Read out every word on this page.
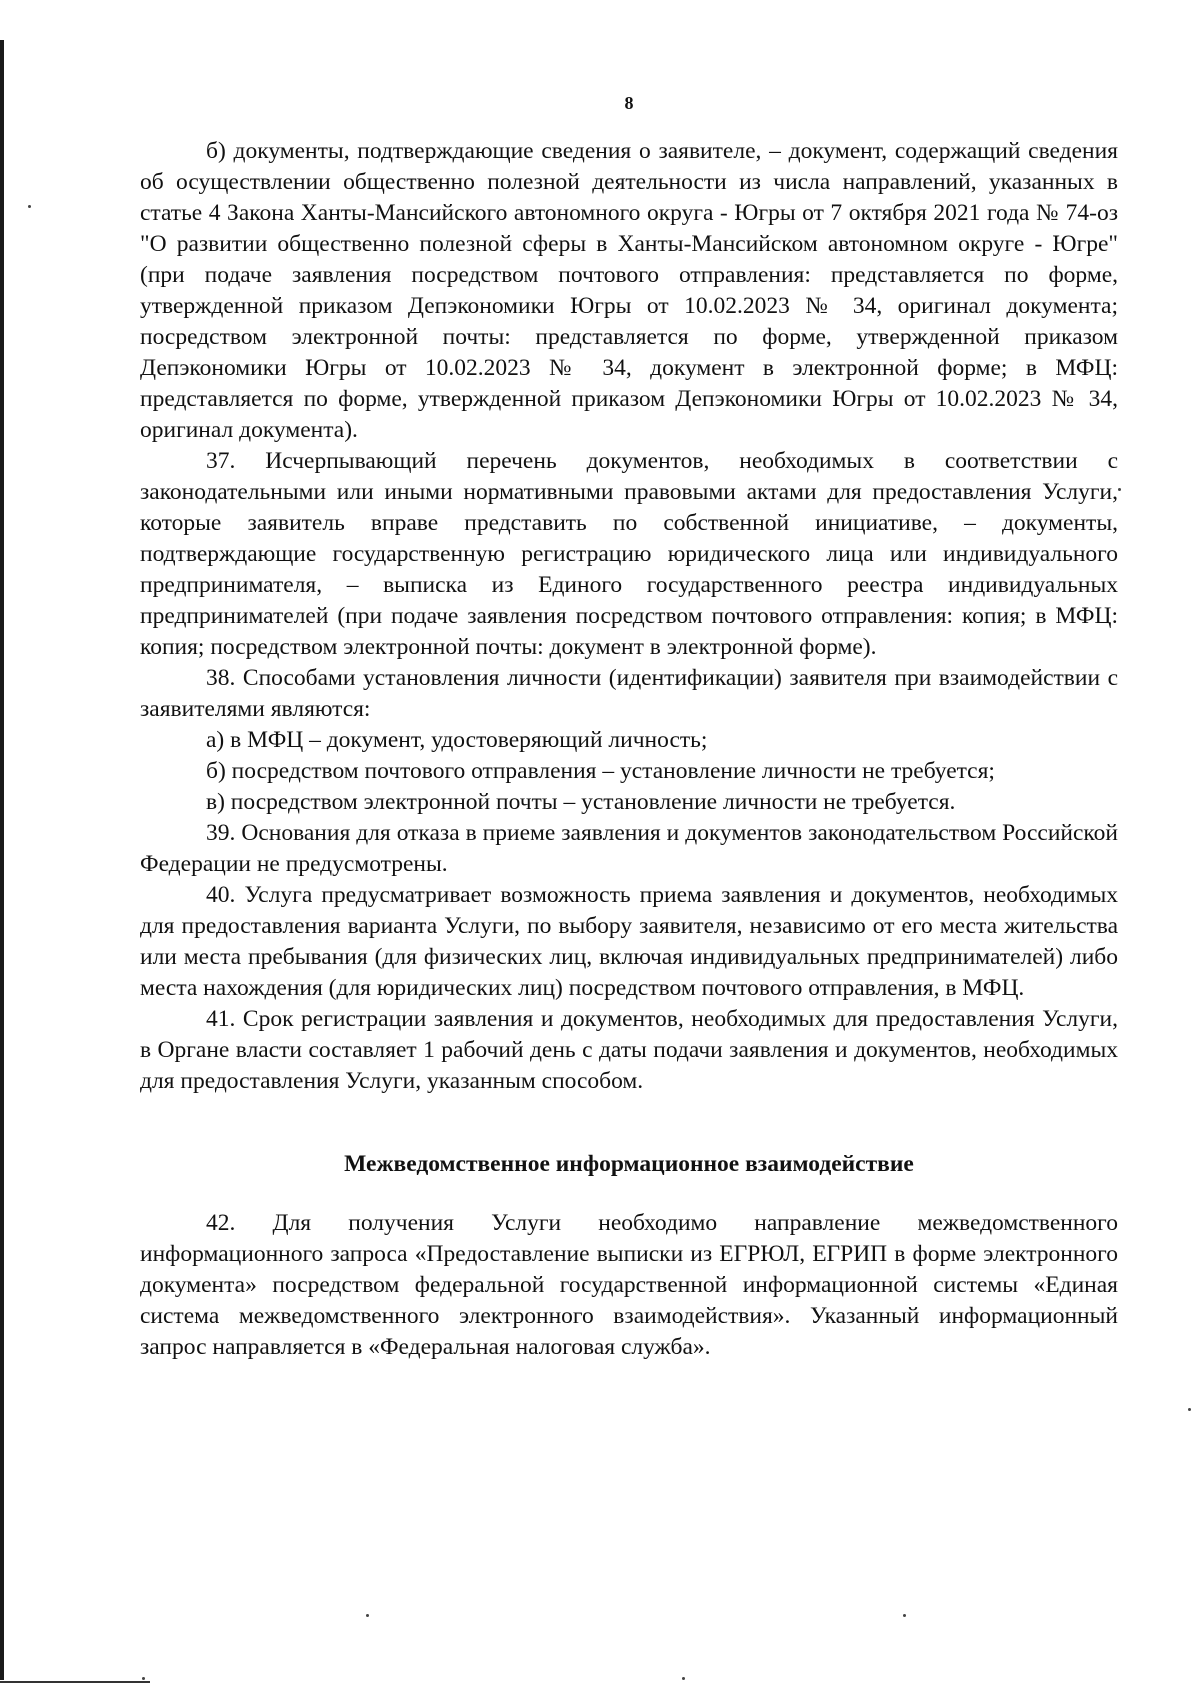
8

б) документы, подтверждающие сведения о заявителе, – документ, содержащий сведения об осуществлении общественно полезной деятельности из числа направлений, указанных в статье 4 Закона Ханты-Мансийского автономного округа - Югры от 7 октября 2021 года № 74-оз "О развитии общественно полезной сферы в Ханты-Мансийском автономном округе - Югре" (при подаче заявления посредством почтового отправления: представляется по форме, утвержденной приказом Депэкономики Югры от 10.02.2023 № 34, оригинал документа; посредством электронной почты: представляется по форме, утвержденной приказом Депэкономики Югры от 10.02.2023 № 34, документ в электронной форме; в МФЦ: представляется по форме, утвержденной приказом Депэкономики Югры от 10.02.2023 № 34, оригинал документа).

37. Исчерпывающий перечень документов, необходимых в соответствии с законодательными или иными нормативными правовыми актами для предоставления Услуги, которые заявитель вправе представить по собственной инициативе, – документы, подтверждающие государственную регистрацию юридического лица или индивидуального предпринимателя, – выписка из Единого государственного реестра индивидуальных предпринимателей (при подаче заявления посредством почтового отправления: копия; в МФЦ: копия; посредством электронной почты: документ в электронной форме).

38. Способами установления личности (идентификации) заявителя при взаимодействии с заявителями являются:

а) в МФЦ – документ, удостоверяющий личность;

б) посредством почтового отправления – установление личности не требуется;

в) посредством электронной почты – установление личности не требуется.

39. Основания для отказа в приеме заявления и документов законодательством Российской Федерации не предусмотрены.

40. Услуга предусматривает возможность приема заявления и документов, необходимых для предоставления варианта Услуги, по выбору заявителя, независимо от его места жительства или места пребывания (для физических лиц, включая индивидуальных предпринимателей) либо места нахождения (для юридических лиц) посредством почтового отправления, в МФЦ.

41. Срок регистрации заявления и документов, необходимых для предоставления Услуги, в Органе власти составляет 1 рабочий день с даты подачи заявления и документов, необходимых для предоставления Услуги, указанным способом.

Межведомственное информационное взаимодействие

42. Для получения Услуги необходимо направление межведомственного информационного запроса «Предоставление выписки из ЕГРЮЛ, ЕГРИП в форме электронного документа» посредством федеральной государственной информационной системы «Единая система межведомственного электронного взаимодействия». Указанный информационный запрос направляется в «Федеральная налоговая служба».
